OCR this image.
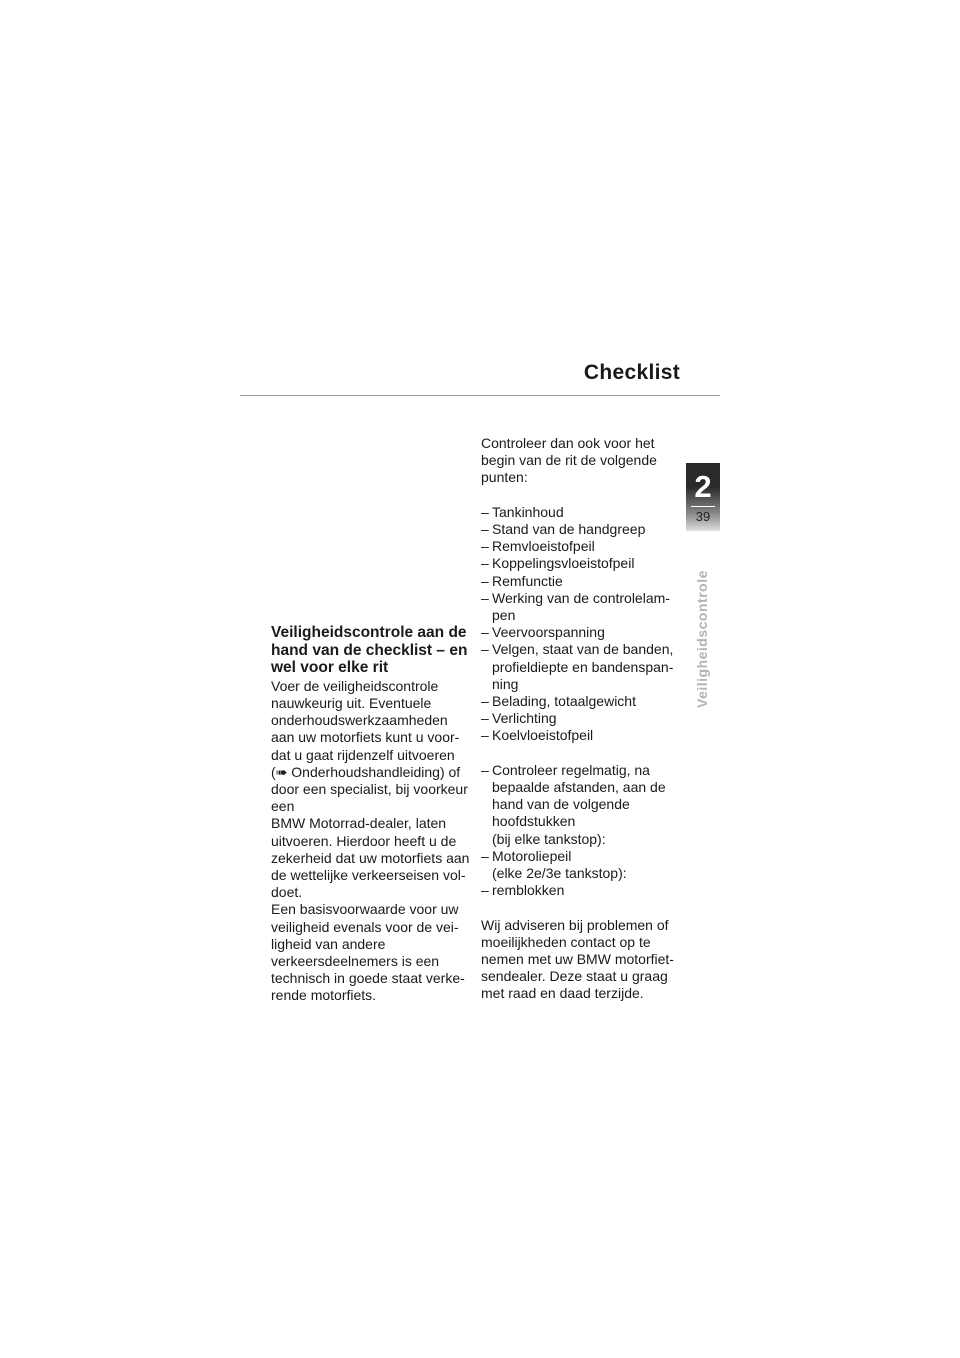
Checklist
2
39
Veiligheidscontrole
Veiligheidscontrole aan de
hand van de checklist – en
wel voor elke rit
Voer de veiligheidscontrole
nauwkeurig uit. Eventuele
onderhoudswerkzaamheden
aan uw motorfiets kunt u voor-
dat u gaat rijdenzelf uitvoeren
(➠ Onderhoudshandleiding) of
door een specialist, bij voorkeur
een
BMW Motorrad-dealer, laten
uitvoeren. Hierdoor heeft u de
zekerheid dat uw motorfiets aan
de wettelijke verkeerseisen vol-
doet.
Een basisvoorwaarde voor uw
veiligheid evenals voor de vei-
ligheid van andere
verkeersdeelnemers is een
technisch in goede staat verke-
rende motorfiets.
Controleer dan ook voor het
begin van de rit de volgende
punten:
– Tankinhoud
– Stand van de handgreep
– Remvloeistofpeil
– Koppelingsvloeistofpeil
– Remfunctie
– Werking van de controlelam-
pen
– Veervoorspanning
– Velgen, staat van de banden,
profieldiepte en bandenspan-
ning
– Belading, totaalgewicht
– Verlichting
– Koelvloeistofpeil
– Controleer regelmatig, na
bepaalde afstanden, aan de
hand van de volgende
hoofdstukken
(bij elke tankstop):
– Motoroliepeil
(elke 2e/3e tankstop):
– remblokken
Wij adviseren bij problemen of
moeilijkheden contact op te
nemen met uw BMW motorfiet-
sendealer. Deze staat u graag
met raad en daad terzijde.
